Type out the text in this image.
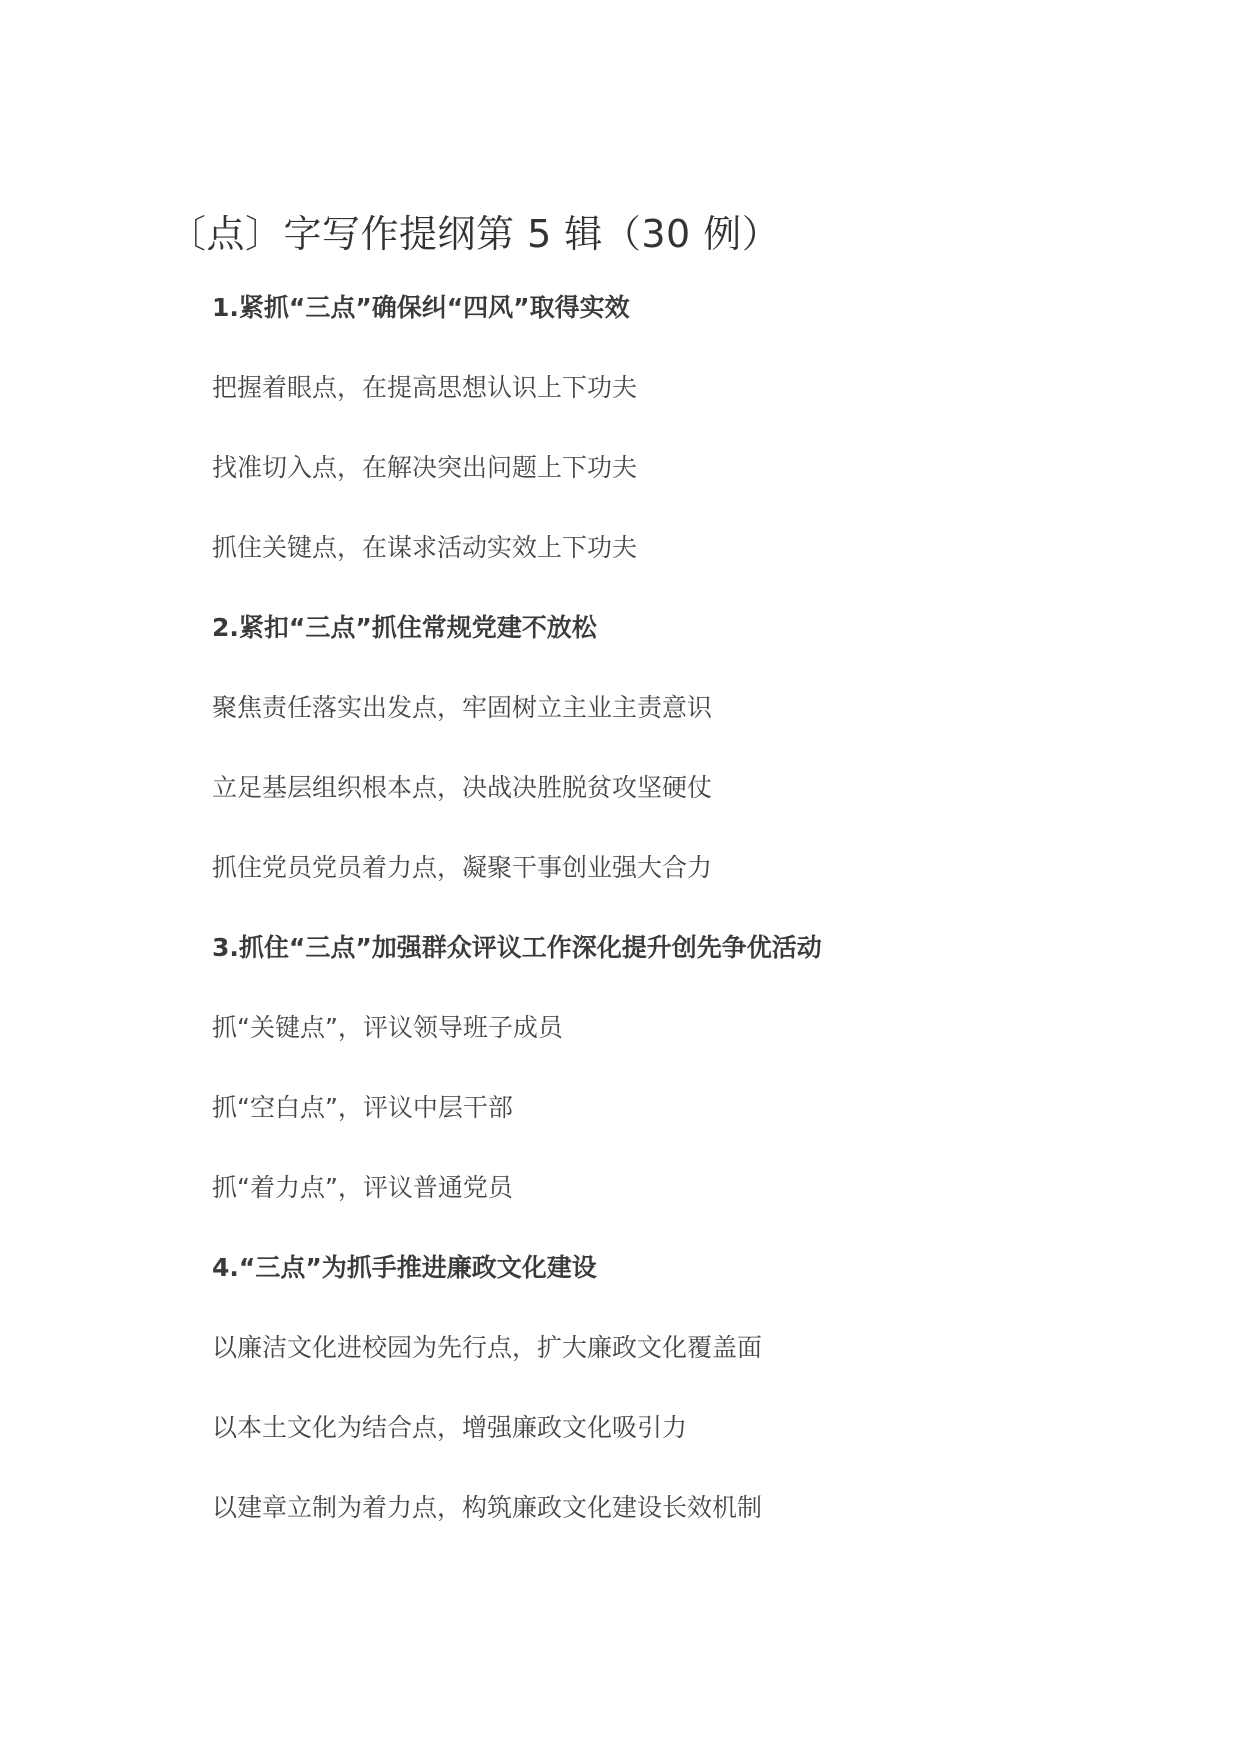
〔点〕字写作提纲第 5 辑（30 例）
1.紧抓“三点”确保纠“四风”取得实效
把握着眼点，在提高思想认识上下功夫
找准切入点，在解决突出问题上下功夫
抓住关键点，在谋求活动实效上下功夫
2.紧扣“三点”抓住常规党建不放松
聚焦责任落实出发点，牢固树立主业主责意识
立足基层组织根本点，决战决胜脱贫攻坚硬仗
抓住党员党员着力点，凝聚干事创业强大合力
3.抓住“三点”加强群众评议工作深化提升创先争优活动
抓“关键点”，评议领导班子成员
抓“空白点”，评议中层干部
抓“着力点”，评议普通党员
4.“三点”为抓手推进廉政文化建设
以廉洁文化进校园为先行点，扩大廉政文化覆盖面
以本土文化为结合点，增强廉政文化吸引力
以建章立制为着力点，构筑廉政文化建设长效机制
